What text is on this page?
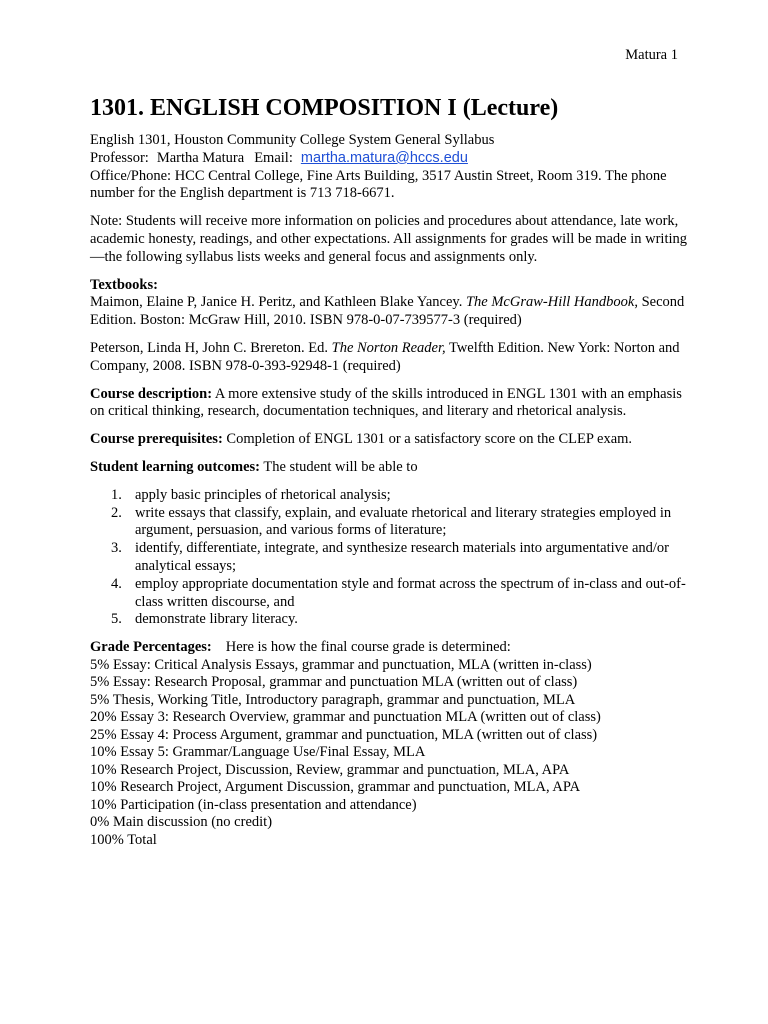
Matura 1
1301. ENGLISH COMPOSITION I (Lecture)

English 1301, Houston Community College System General Syllabus

Professor: Martha Matura Email: martha.matura@hccs.edu

Office/Phone: HCC Central College, Fine Arts Building, 3517 Austin Street, Room 319. The phone number for the English department is 713 718-6671.

Note: Students will receive more information on policies and procedures about attendance, late work, academic honesty, readings, and other expectations. All assignments for grades will be made in writing—the following syllabus lists weeks and general focus and assignments only.

Textbooks:

Maimon, Elaine P, Janice H. Peritz, and Kathleen Blake Yancey. The McGraw-Hill Handbook, Second Edition. Boston: McGraw Hill, 2010. ISBN 978-0-07-739577-3 (required)

Peterson, Linda H, John C. Brereton. Ed. The Norton Reader, Twelfth Edition. New York: Norton and Company, 2008. ISBN 978-0-393-92948-1 (required)

Course description: A more extensive study of the skills introduced in ENGL 1301 with an emphasis on critical thinking, research, documentation techniques, and literary and rhetorical analysis.

Course prerequisites: Completion of ENGL 1301 or a satisfactory score on the CLEP exam.

Student learning outcomes: The student will be able to

1. apply basic principles of rhetorical analysis;
2. write essays that classify, explain, and evaluate rhetorical and literary strategies employed in argument, persuasion, and various forms of literature;
3. identify, differentiate, integrate, and synthesize research materials into argumentative and/or analytical essays;
4. employ appropriate documentation style and format across the spectrum of in-class and out-of-class written discourse, and
5. demonstrate library literacy.

Grade Percentages: Here is how the final course grade is determined:

5% Essay: Critical Analysis Essays, grammar and punctuation, MLA (written in-class)

5% Essay: Research Proposal, grammar and punctuation MLA (written out of class)

5% Thesis, Working Title, Introductory paragraph, grammar and punctuation, MLA

20% Essay 3: Research Overview, grammar and punctuation MLA (written out of class)

25% Essay 4: Process Argument, grammar and punctuation, MLA (written out of class)

10% Essay 5: Grammar/Language Use/Final Essay, MLA

10% Research Project, Discussion, Review, grammar and punctuation, MLA, APA

10% Research Project, Argument Discussion, grammar and punctuation, MLA, APA

10% Participation (in-class presentation and attendance)

0% Main discussion (no credit)

100% Total
